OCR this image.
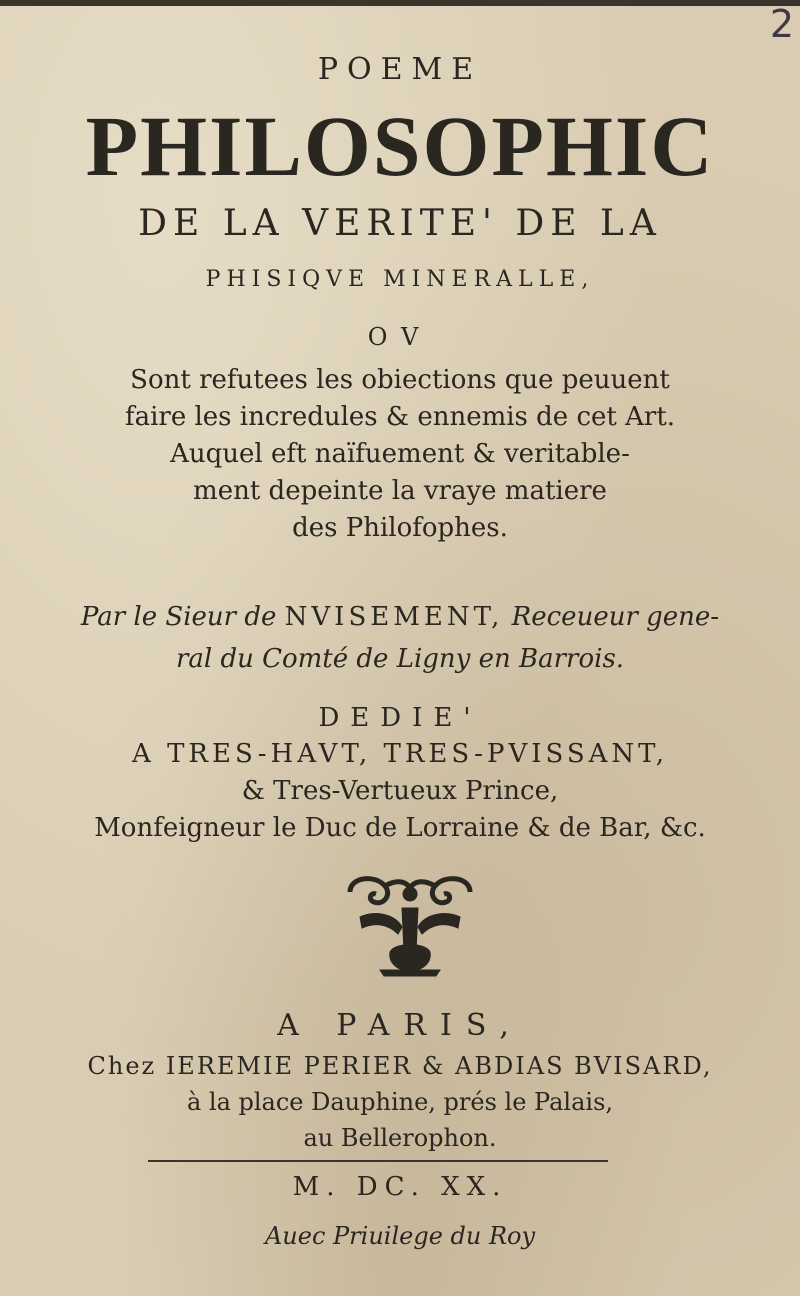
2
POEME
PHILOSOPHIC
DE LA VERITE' DE LA
PHISIQVE MINERALLE,
OV
Sont refutees les obiections que peuuent
faire les incredules & ennemis de cet Art.
Auquel eft naïfuement & veritable-
ment depeinte la vraye matiere
des Philofophes.
Par le Sieur de NVISEMENT, Receueur gene-
ral du Comté de Ligny en Barrois.
DEDIE'
A TRES-HAVT, TRES-PVISSANT,
& Tres-Vertueux Prince,
Monfeigneur le Duc de Lorraine & de Bar, &c.
A PARIS,
Chez IEREMIE PERIER & ABDIAS BVISARD,
à la place Dauphine, prés le Palais,
au Bellerophon.
M. DC. XX.
Auec Priuilege du Roy
